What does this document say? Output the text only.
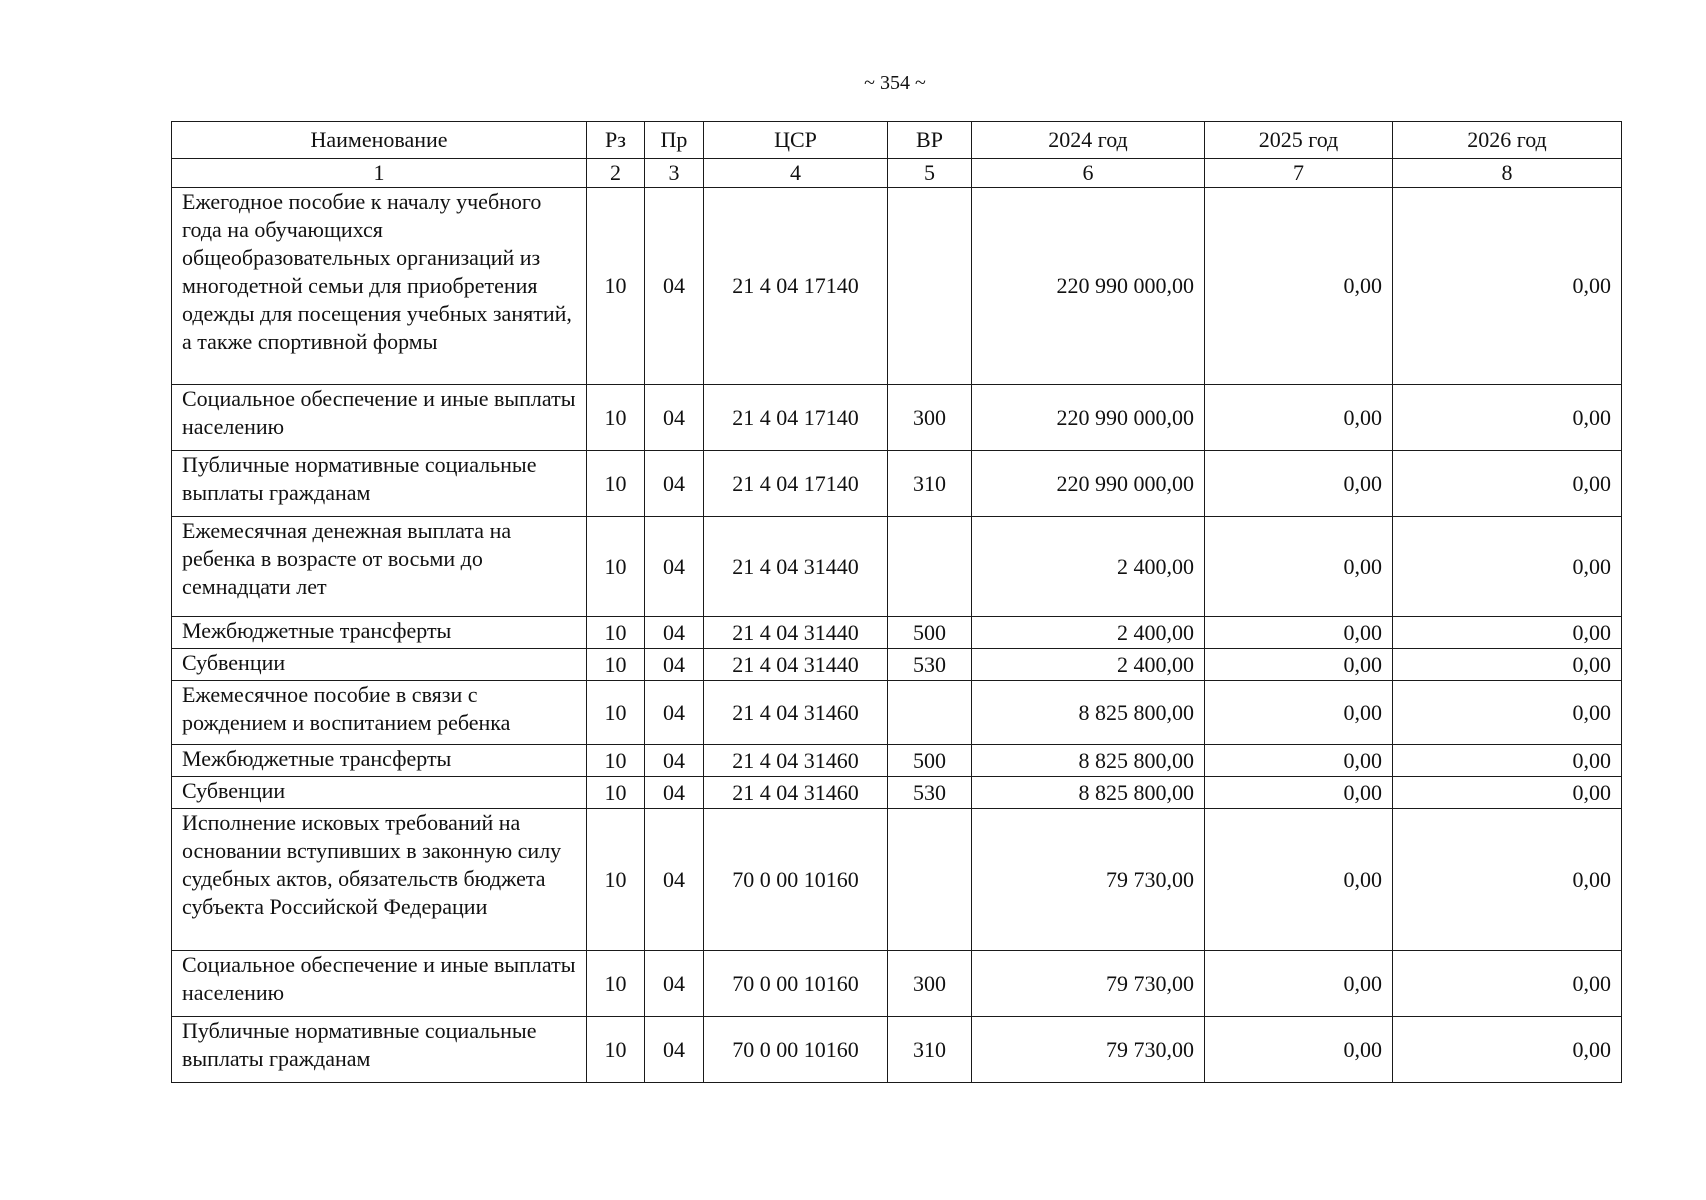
~ 354 ~
Наименование	Рз	Пр	ЦСР	ВР	2024 год	2025 год	2026 год
1	2	3	4	5	6	7	8
Ежегодное пособие к началу учебного года на обучающихся общеобразовательных организаций из многодетной семьи для приобретения одежды для посещения учебных занятий, а также спортивной формы	10	04	21 4 04 17140		220 990 000,00	0,00	0,00
Социальное обеспечение и иные выплаты населению	10	04	21 4 04 17140	300	220 990 000,00	0,00	0,00
Публичные нормативные социальные выплаты гражданам	10	04	21 4 04 17140	310	220 990 000,00	0,00	0,00
Ежемесячная денежная выплата на ребенка в возрасте от восьми до семнадцати лет	10	04	21 4 04 31440		2 400,00	0,00	0,00
Межбюджетные трансферты	10	04	21 4 04 31440	500	2 400,00	0,00	0,00
Субвенции	10	04	21 4 04 31440	530	2 400,00	0,00	0,00
Ежемесячное пособие в связи с рождением и воспитанием ребенка	10	04	21 4 04 31460		8 825 800,00	0,00	0,00
Межбюджетные трансферты	10	04	21 4 04 31460	500	8 825 800,00	0,00	0,00
Субвенции	10	04	21 4 04 31460	530	8 825 800,00	0,00	0,00
Исполнение исковых требований на основании вступивших в законную силу судебных актов, обязательств бюджета субъекта Российской Федерации	10	04	70 0 00 10160		79 730,00	0,00	0,00
Социальное обеспечение и иные выплаты населению	10	04	70 0 00 10160	300	79 730,00	0,00	0,00
Публичные нормативные социальные выплаты гражданам	10	04	70 0 00 10160	310	79 730,00	0,00	0,00
